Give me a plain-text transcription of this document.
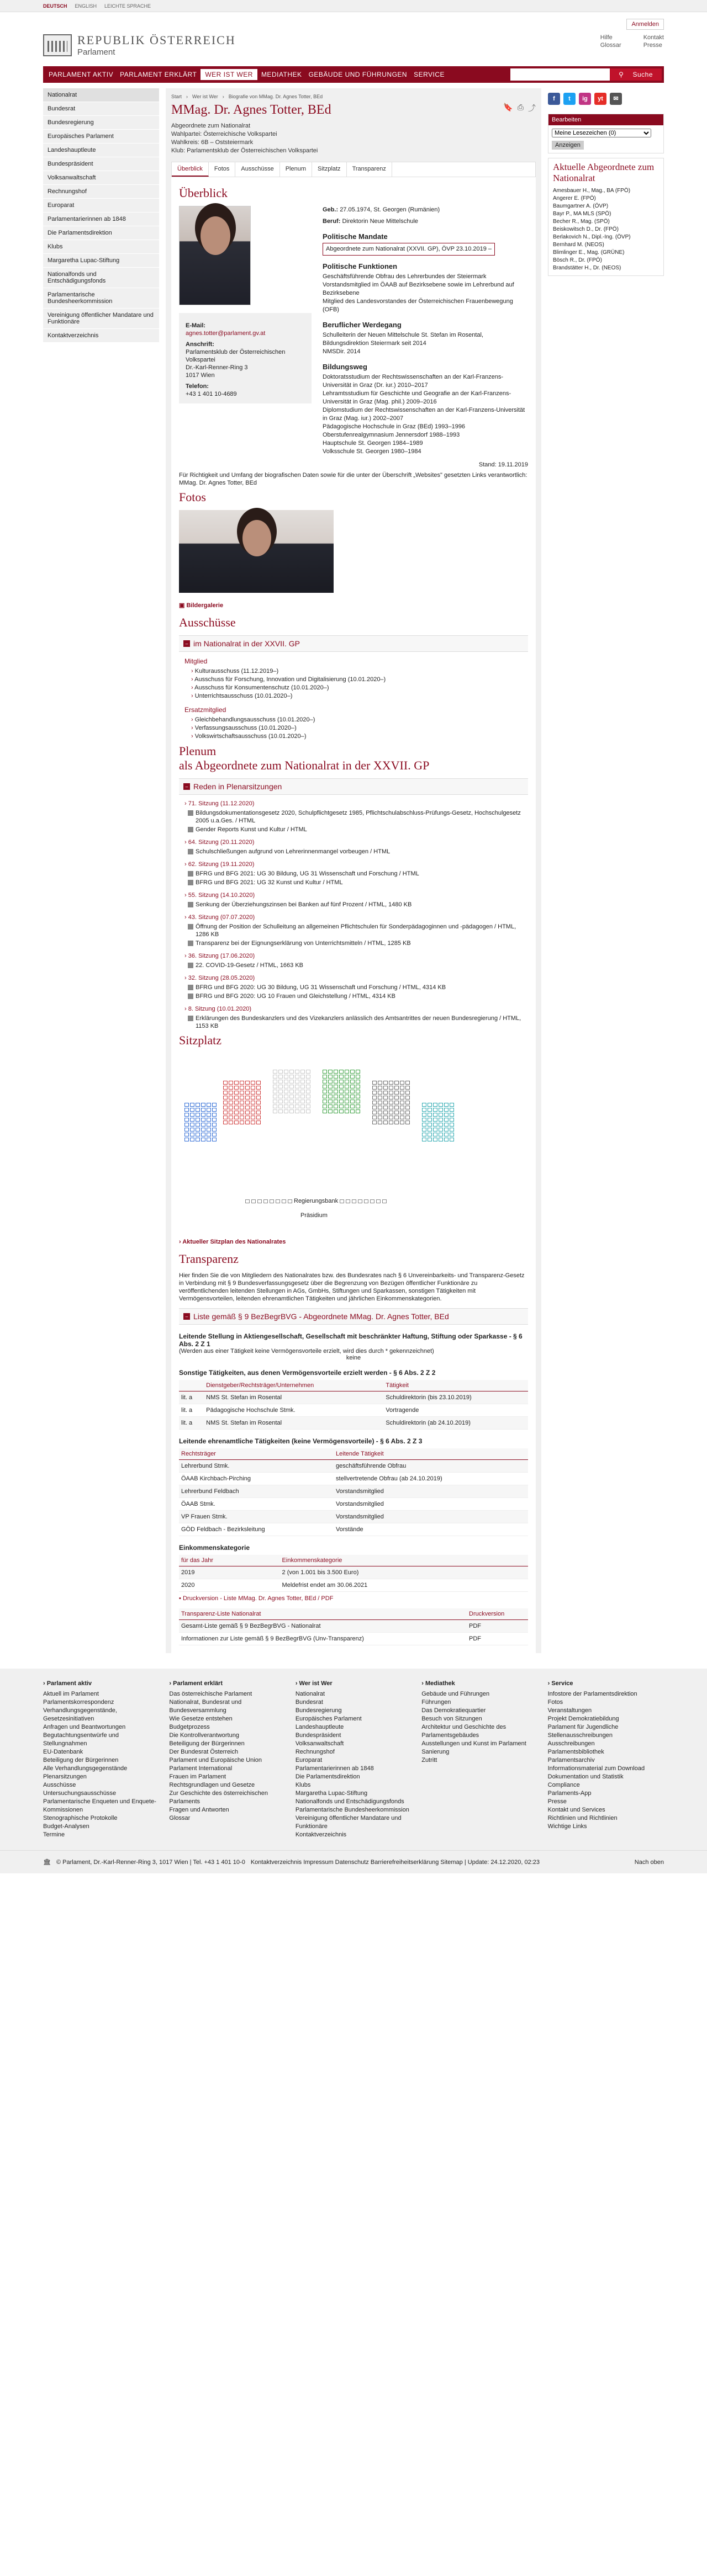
DEUTSCH ENGLISH LEICHTE SPRACHE
REPUBLIK ÖSTERREICH
Parlament
Anmelden
Hilfe
Glossar
Kontakt
Presse
PARLAMENT AKTIV	PARLAMENT ERKLÄRT	WER IST WER	MEDIATHEK	GEBÄUDE UND FÜHRUNGEN	SERVICE	⚲	Suche
Nationalrat
Bundesrat
Bundesregierung
Europäisches Parlament
Landeshauptleute
Bundespräsident
Volksanwaltschaft
Rechnungshof
Europarat
Parlamentarierinnen ab 1848
Die Parlamentsdirektion
Klubs
Margaretha Lupac-Stiftung
Nationalfonds und Entschädigungsfonds
Parlamentarische Bundesheerkommission
Vereinigung öffentlicher Mandatare und Funktionäre
Kontaktverzeichnis
Start › Wer ist Wer › Biografie von MMag. Dr. Agnes Totter, BEd
MMag. Dr. Agnes Totter, BEd	🔖 ⎙ ⤴
Abgeordnete zum Nationalrat
Wahlpartei: Österreichische Volkspartei
Wahlkreis: 6B – Oststeiermark
Klub: Parlamentsklub der Österreichischen Volkspartei
Überblick	Fotos	Ausschüsse	Plenum	Sitzplatz	Transparenz
Überblick
E-Mail:
agnes.totter@parlament.gv.at
Anschrift:
Parlamentsklub der Österreichischen Volkspartei
Dr.-Karl-Renner-Ring 3
1017 Wien
Telefon:
+43 1 401 10-4689
Geb.: 27.05.1974, St. Georgen (Rumänien)
Beruf: Direktorin Neue Mittelschule
Politische Mandate
Abgeordnete zum Nationalrat (XXVII. GP), ÖVP 23.10.2019 –
Politische Funktionen
Geschäftsführende Obfrau des Lehrerbundes der Steiermark
Vorstandsmitglied im ÖAAB auf Bezirksebene sowie im Lehrerbund auf Bezirksebene
Mitglied des Landesvorstandes der Österreichischen Frauenbewegung (OFB)
Beruflicher Werdegang
Schulleiterin der Neuen Mittelschule St. Stefan im Rosental, Bildungsdirektion Steiermark seit 2014
NMSDir. 2014
Bildungsweg
Doktoratsstudium der Rechtswissenschaften an der Karl-Franzens-Universität in Graz (Dr. iur.) 2010–2017
Lehramtsstudium für Geschichte und Geografie an der Karl-Franzens-Universität in Graz (Mag. phil.) 2009–2016
Diplomstudium der Rechtswissenschaften an der Karl-Franzens-Universität in Graz (Mag. iur.) 2002–2007
Pädagogische Hochschule in Graz (BEd) 1993–1996
Oberstufenrealgymnasium Jennersdorf 1988–1993
Hauptschule St. Georgen 1984–1989
Volksschule St. Georgen 1980–1984
Stand: 19.11.2019
Für Richtigkeit und Umfang der biografischen Daten sowie für die unter der Überschrift „Websites" gesetzten Links verantwortlich: MMag. Dr. Agnes Totter, BEd
Fotos
▣ Bildergalerie
Ausschüsse
– im Nationalrat in der XXVII. GP
Mitglied
› Kulturausschuss (11.12.2019–)
› Ausschuss für Forschung, Innovation und Digitalisierung (10.01.2020–)
› Ausschuss für Konsumentenschutz (10.01.2020–)
› Unterrichtsausschuss (10.01.2020–)
Ersatzmitglied
› Gleichbehandlungsausschuss (10.01.2020–)
› Verfassungsausschuss (10.01.2020–)
› Volkswirtschaftsausschuss (10.01.2020–)
Plenum
als Abgeordnete zum Nationalrat in der XXVII. GP
– Reden in Plenarsitzungen
› 71. Sitzung (11.12.2020)
Bildungsdokumentationsgesetz 2020, Schulpflichtgesetz 1985, Pflichtschulabschluss-Prüfungs-Gesetz, Hochschulgesetz 2005 u.a.Ges. / HTML
Gender Reports Kunst und Kultur / HTML
› 64. Sitzung (20.11.2020)
Schulschließungen aufgrund von Lehrerinnenmangel vorbeugen / HTML
› 62. Sitzung (19.11.2020)
BFRG und BFG 2021: UG 30 Bildung, UG 31 Wissenschaft und Forschung / HTML
BFRG und BFG 2021: UG 32 Kunst und Kultur / HTML
› 55. Sitzung (14.10.2020)
Senkung der Überziehungszinsen bei Banken auf fünf Prozent / HTML, 1480 KB
› 43. Sitzung (07.07.2020)
Öffnung der Position der Schulleitung an allgemeinen Pflichtschulen für Sonderpädagoginnen und -pädagogen / HTML, 1286 KB
Transparenz bei der Eignungserklärung von Unterrichtsmitteln / HTML, 1285 KB
› 36. Sitzung (17.06.2020)
22. COVID-19-Gesetz / HTML, 1663 KB
› 32. Sitzung (28.05.2020)
BFRG und BFG 2020: UG 30 Bildung, UG 31 Wissenschaft und Forschung / HTML, 4314 KB
BFRG und BFG 2020: UG 10 Frauen und Gleichstellung / HTML, 4314 KB
› 8. Sitzung (10.01.2020)
Erklärungen des Bundeskanzlers und des Vizekanzlers anlässlich des Amtsantrittes der neuen Bundesregierung / HTML, 1153 KB
Sitzplatz
Regierungsbank
Präsidium
› Aktueller Sitzplan des Nationalrates
Transparenz
Hier finden Sie die von Mitgliedern des Nationalrates bzw. des Bundesrates nach § 6 Unvereinbarkeits- und Transparenz-Gesetz in Verbindung mit § 9 Bundesverfassungsgesetz über die Begrenzung von Bezügen öffentlicher Funktionäre zu veröffentlichenden leitenden Stellungen in AGs, GmbHs, Stiftungen und Sparkassen, sonstigen Tätigkeiten mit Vermögensvorteilen, leitenden ehrenamtlichen Tätigkeiten und jährlichen Einkommenskategorien.
– Liste gemäß § 9 BezBegrBVG - Abgeordnete MMag. Dr. Agnes Totter, BEd
Leitende Stellung in Aktiengesellschaft, Gesellschaft mit beschränkter Haftung, Stiftung oder Sparkasse - § 6 Abs. 2 Z 1
(Werden aus einer Tätigkeit keine Vermögensvorteile erzielt, wird dies durch * gekennzeichnet)
keine
Sonstige Tätigkeiten, aus denen Vermögensvorteile erzielt werden - § 6 Abs. 2 Z 2
	Dienstgeber/Rechtsträger/Unternehmen	Tätigkeit
lit. a	NMS St. Stefan im Rosental	Schuldirektorin (bis 23.10.2019)
lit. a	Pädagogische Hochschule Stmk.	Vortragende
lit. a	NMS St. Stefan im Rosental	Schuldirektorin (ab 24.10.2019)
Leitende ehrenamtliche Tätigkeiten (keine Vermögensvorteile) - § 6 Abs. 2 Z 3
Rechtsträger	Leitende Tätigkeit
Lehrerbund Stmk.	geschäftsführende Obfrau
ÖAAB Kirchbach-Pirching	stellvertretende Obfrau (ab 24.10.2019)
Lehrerbund Feldbach	Vorstandsmitglied
ÖAAB Stmk.	Vorstandsmitglied
VP Frauen Stmk.	Vorstandsmitglied
GÖD Feldbach - Bezirksleitung	Vorstände
Einkommenskategorie
für das Jahr	Einkommenskategorie
2019	2 (von 1.001 bis 3.500 Euro)
2020	Meldefrist endet am 30.06.2021
▪ Druckversion - Liste MMag. Dr. Agnes Totter, BEd / PDF
Transparenz-Liste Nationalrat	Druckversion
Gesamt-Liste gemäß § 9 BezBegrBVG - Nationalrat	PDF
Informationen zur Liste gemäß § 9 BezBegrBVG (Unv-Transparenz)	PDF
f	t	ig	yt	✉
Bearbeiten
Meine Lesezeichen (0) Anzeigen
Aktuelle Abgeordnete zum Nationalrat
Amesbauer H., Mag., BA (FPÖ)
Angerer E. (FPÖ)
Baumgartner A. (ÖVP)
Bayr P., MA MLS (SPÖ)
Becher R., Mag. (SPÖ)
Beiskowitsch D., Dr. (FPÖ)
Berlakovich N., Dipl.-Ing. (ÖVP)
Bernhard M. (NEOS)
Blimlinger E., Mag. (GRÜNE)
Bösch R., Dr. (FPÖ)
Brandstätter H., Dr. (NEOS)
› Parlament aktiv
Aktuell im Parlament
Parlamentskorrespondenz
Verhandlungsgegenstände, Gesetzesinitiativen
Anfragen und Beantwortungen
Begutachtungsentwürfe und Stellungnahmen
EU-Datenbank
Beteiligung der Bürgerinnen
Alle Verhandlungsgegenstände
Plenarsitzungen
Ausschüsse
Untersuchungsausschüsse
Parlamentarische Enqueten und Enquete-Kommissionen
Stenographische Protokolle
Budget-Analysen
Termine
› Parlament erklärt
Das österreichische Parlament
Nationalrat, Bundesrat und Bundesversammlung
Wie Gesetze entstehen
Budgetprozess
Die Kontrollverantwortung
Beteiligung der Bürgerinnen
Der Bundesrat Österreich
Parlament und Europäische Union
Parlament International
Frauen im Parlament
Rechtsgrundlagen und Gesetze
Zur Geschichte des österreichischen Parlaments
Fragen und Antworten
Glossar
› Wer ist Wer
Nationalrat
Bundesrat
Bundesregierung
Europäisches Parlament
Landeshauptleute
Bundespräsident
Volksanwaltschaft
Rechnungshof
Europarat
Parlamentarierinnen ab 1848
Die Parlamentsdirektion
Klubs
Margaretha Lupac-Stiftung
Nationalfonds und Entschädigungsfonds
Parlamentarische Bundesheerkommission
Vereinigung öffentlicher Mandatare und Funktionäre
Kontaktverzeichnis
› Mediathek
Gebäude und Führungen
Führungen
Das Demokratiequartier
Besuch von Sitzungen
Architektur und Geschichte des Parlamentsgebäudes
Ausstellungen und Kunst im Parlament
Sanierung
Zutritt
› Service
Infostore der Parlamentsdirektion
Fotos
Veranstaltungen
Projekt Demokratiebildung
Parlament für Jugendliche
Stellenausschreibungen
Ausschreibungen
Parlamentsbibliothek
Parlamentsarchiv
Informationsmaterial zum Download
Dokumentation und Statistik
Compliance
Parlaments-App
Presse
Kontakt und Services
Richtlinien und Richtlinien
Wichtige Links
🏛 © Parlament, Dr.-Karl-Renner-Ring 3, 1017 Wien | Tel. +43 1 401 10-0 Kontaktverzeichnis Impressum Datenschutz Barrierefreiheitserklärung Sitemap | Update: 24.12.2020, 02:23	Nach oben
